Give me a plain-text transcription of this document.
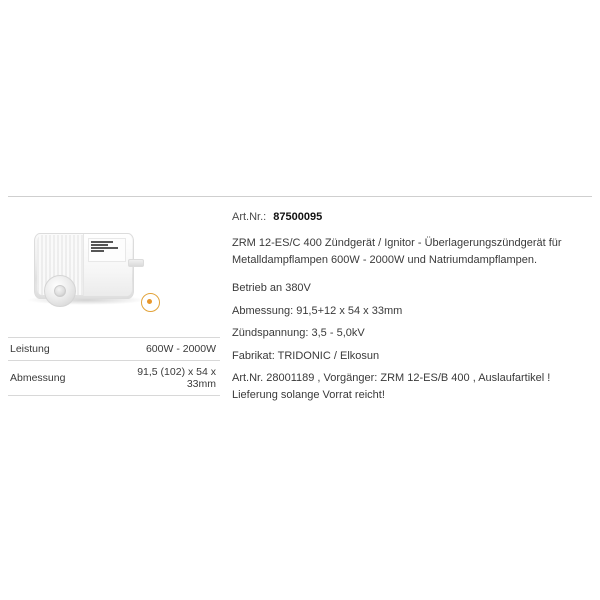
Leistung	600W - 2000W
Abmessung	91,5 (102) x 54 x 33mm
Art.Nr.: 87500095
ZRM 12-ES/C 400 Zündgerät / Ignitor - Überlagerungszündgerät für Metalldampflampen 600W - 2000W und Natriumdampflampen.
Betrieb an 380V
Abmessung: 91,5+12 x 54 x 33mm
Zündspannung: 3,5 - 5,0kV
Fabrikat: TRIDONIC / Elkosun
Art.Nr. 28001189 , Vorgänger: ZRM 12-ES/B 400 , Auslaufartikel ! Lieferung solange Vorrat reicht!
